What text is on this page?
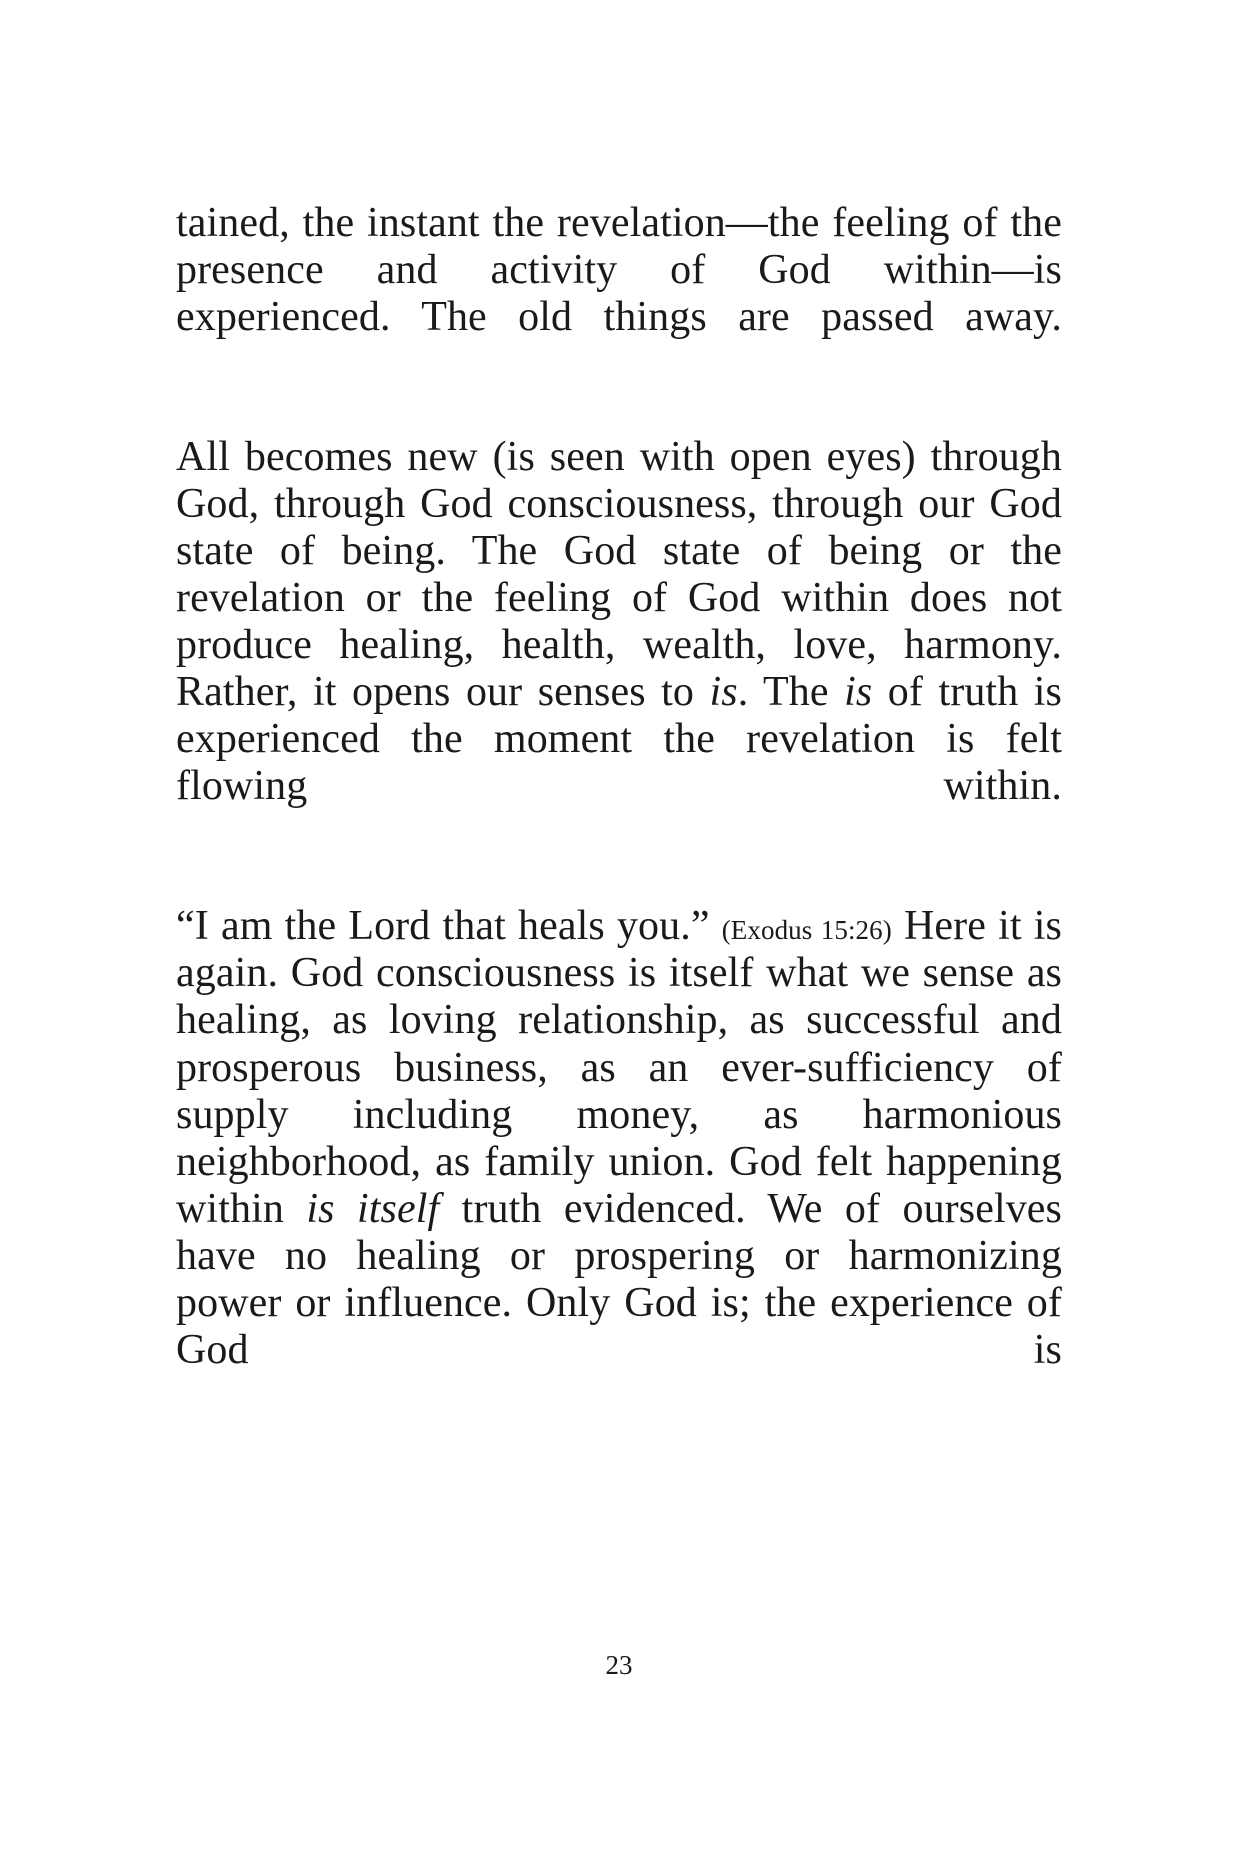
tained, the instant the revelation—the feeling of the presence and activity of God within—is experienced. The old things are passed away.

All becomes new (is seen with open eyes) through God, through God consciousness, through our God state of being. The God state of being or the revelation or the feeling of God within does not produce healing, health, wealth, love, harmony. Rather, it opens our senses to is. The is of truth is experienced the moment the revelation is felt flowing within.

“I am the Lord that heals you.” (Exodus 15:26) Here it is again. God consciousness is itself what we sense as healing, as loving relationship, as successful and prosperous business, as an ever-sufficiency of supply including money, as harmonious neighborhood, as family union. God felt happening within is itself truth evidenced. We of ourselves have no healing or prospering or harmonizing power or influence. Only God is; the experience of God is

23
